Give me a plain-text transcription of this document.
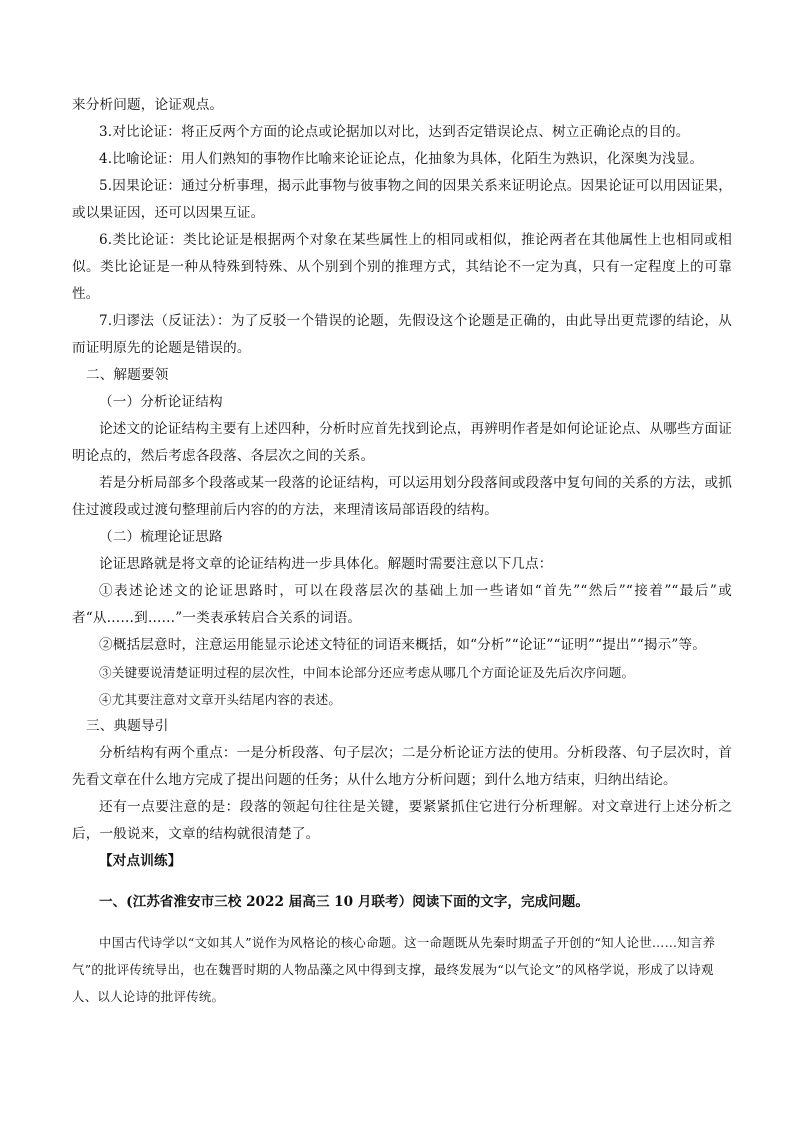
来分析问题，论证观点。

3.对比论证：将正反两个方面的论点或论据加以对比，达到否定错误论点、树立正确论点的目的。

4.比喻论证：用人们熟知的事物作比喻来论证论点，化抽象为具体，化陌生为熟识，化深奥为浅显。

5.因果论证：通过分析事理，揭示此事物与彼事物之间的因果关系来证明论点。因果论证可以用因证果，或以果证因，还可以因果互证。

6.类比论证：类比论证是根据两个对象在某些属性上的相同或相似，推论两者在其他属性上也相同或相似。类比论证是一种从特殊到特殊、从个别到个别的推理方式，其结论不一定为真，只有一定程度上的可靠性。

7.归谬法（反证法）：为了反驳一个错误的论题，先假设这个论题是正确的，由此导出更荒谬的结论，从而证明原先的论题是错误的。

二、解题要领

（一）分析论证结构

论述文的论证结构主要有上述四种，分析时应首先找到论点，再辨明作者是如何论证论点、从哪些方面证明论点的，然后考虑各段落、各层次之间的关系。

若是分析局部多个段落或某一段落的论证结构，可以运用划分段落间或段落中复句间的关系的方法，或抓住过渡段或过渡句整理前后内容的的方法，来理清该局部语段的结构。

（二）梳理论证思路

论证思路就是将文章的论证结构进一步具体化。解题时需要注意以下几点：

①表述论述文的论证思路时，可以在段落层次的基础上加一些诸如“首先”“然后”“接着”“最后”或者“从……到……”一类表承转启合关系的词语。

②概括层意时，注意运用能显示论述文特征的词语来概括，如“分析”“论证”“证明”“提出”“揭示”等。

③关键要说清楚证明过程的层次性，中间本论部分还应考虑从哪几个方面论证及先后次序问题。

④尤其要注意对文章开头结尾内容的表述。

三、典题导引

分析结构有两个重点：一是分析段落、句子层次；二是分析论证方法的使用。分析段落、句子层次时，首先看文章在什么地方完成了提出问题的任务；从什么地方分析问题；到什么地方结束，归纳出结论。

还有一点要注意的是：段落的领起句往往是关键，要紧紧抓住它进行分析理解。对文章进行上述分析之后，一般说来，文章的结构就很清楚了。

【对点训练】

一、(江苏省淮安市三校 2022 届高三 10 月联考）阅读下面的文字，完成问题。

中国古代诗学以“文如其人”说作为风格论的核心命题。这一命题既从先秦时期孟子开创的“知人论世……知言养气”的批评传统导出，也在魏晋时期的人物品藻之风中得到支撑，最终发展为“以气论文”的风格学说，形成了以诗观人、以人论诗的批评传统。
